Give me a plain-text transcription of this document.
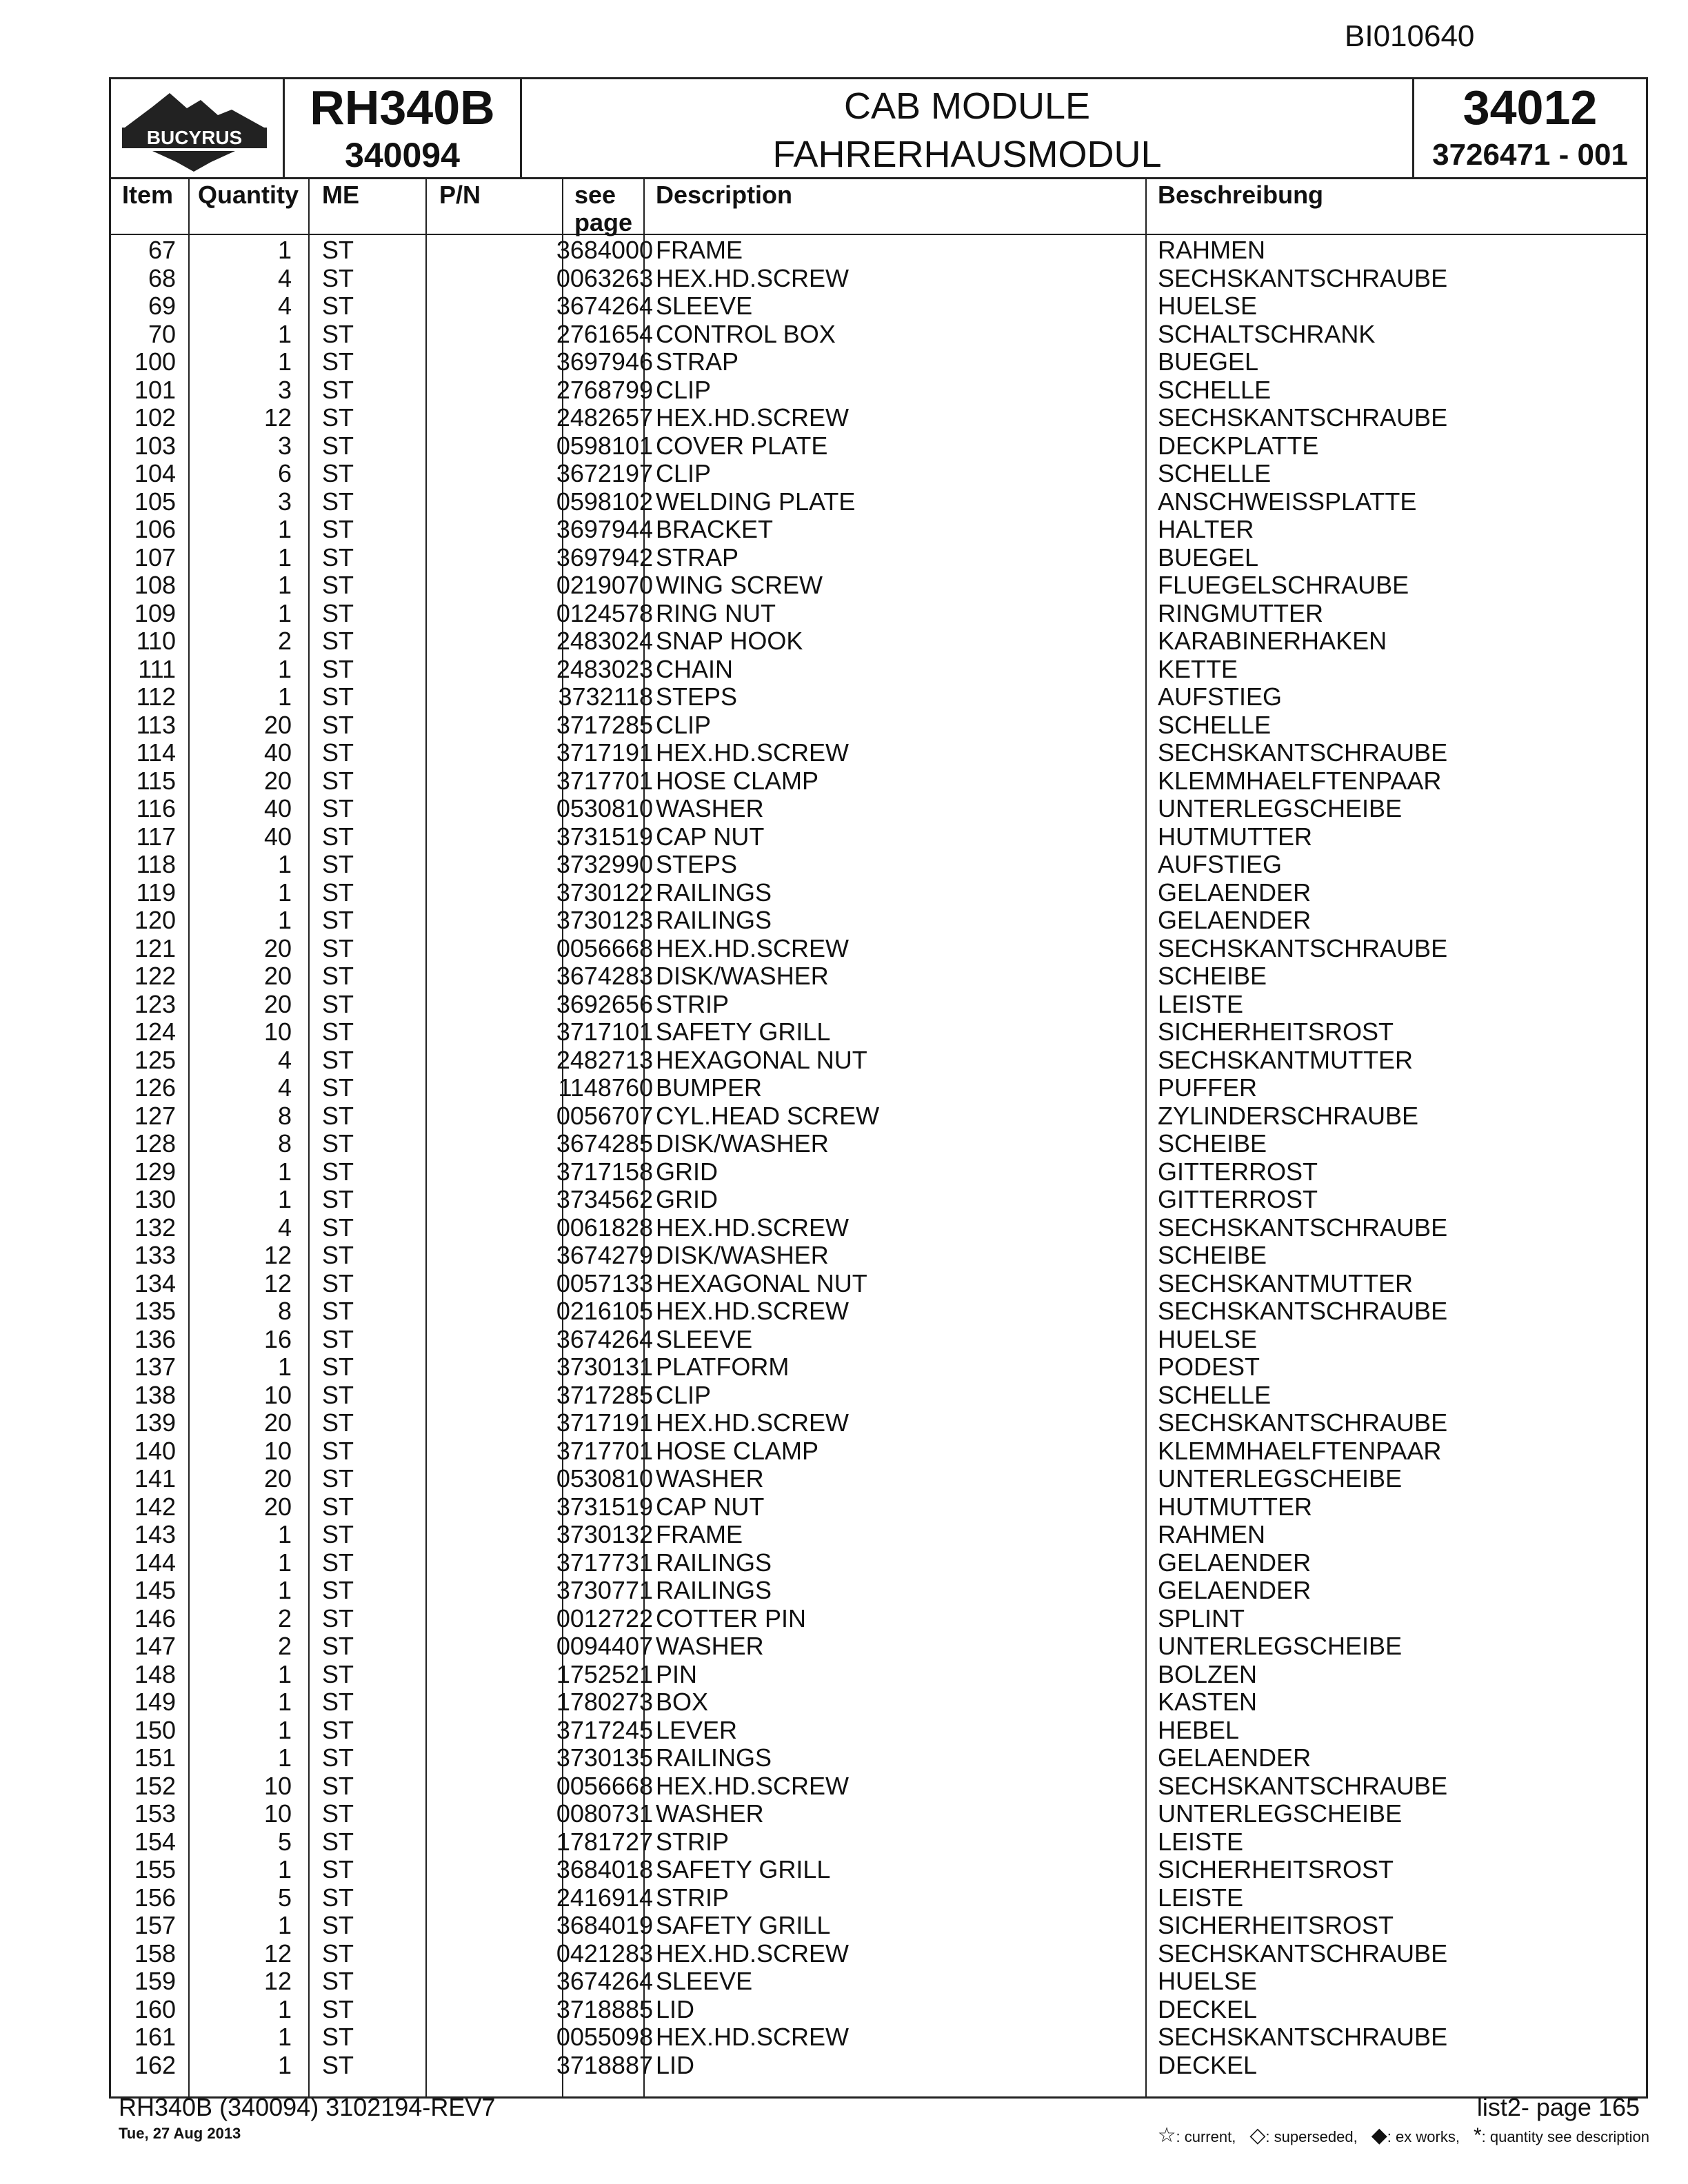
BI010640
BUCYRUS
RH340B
340094
CAB MODULE
FAHRERHAUSMODUL
34012
3726471 - 001
Item Quantity ME	P/N	see
page
Description	Beschreibung
67	1 ST	3684000 FRAME	RAHMEN
68	4 ST	0063263 HEX.HD.SCREW	SECHSKANTSCHRAUBE
69	4 ST	3674264 SLEEVE	HUELSE
70	1 ST	2761654 CONTROL BOX	SCHALTSCHRANK
100	1 ST	3697946 STRAP	BUEGEL
101	3 ST	2768799 CLIP	SCHELLE
102	12 ST	2482657 HEX.HD.SCREW	SECHSKANTSCHRAUBE
103	3 ST	0598101 COVER PLATE	DECKPLATTE
104	6 ST	3672197 CLIP	SCHELLE
105	3 ST	0598102 WELDING PLATE	ANSCHWEISSPLATTE
106	1 ST	3697944 BRACKET	HALTER
107	1 ST	3697942 STRAP	BUEGEL
108	1 ST	0219070 WING SCREW	FLUEGELSCHRAUBE
109	1 ST	0124578 RING NUT	RINGMUTTER
110	2 ST	2483024 SNAP HOOK	KARABINERHAKEN
111	1 ST	2483023 CHAIN	KETTE
112	1 ST	3732118 STEPS	AUFSTIEG
113	20 ST	3717285 CLIP	SCHELLE
114	40 ST	3717191 HEX.HD.SCREW	SECHSKANTSCHRAUBE
115	20 ST	3717701 HOSE CLAMP	KLEMMHAELFTENPAAR
116	40 ST	0530810 WASHER	UNTERLEGSCHEIBE
117	40 ST	3731519 CAP NUT	HUTMUTTER
118	1 ST	3732990 STEPS	AUFSTIEG
119	1 ST	3730122 RAILINGS	GELAENDER
120	1 ST	3730123 RAILINGS	GELAENDER
121	20 ST	0056668 HEX.HD.SCREW	SECHSKANTSCHRAUBE
122	20 ST	3674283 DISK/WASHER	SCHEIBE
123	20 ST	3692656 STRIP	LEISTE
124	10 ST	3717101 SAFETY GRILL	SICHERHEITSROST
125	4 ST	2482713 HEXAGONAL NUT	SECHSKANTMUTTER
126	4 ST	1148760 BUMPER	PUFFER
127	8 ST	0056707 CYL.HEAD SCREW	ZYLINDERSCHRAUBE
128	8 ST	3674285 DISK/WASHER	SCHEIBE
129	1 ST	3717158 GRID	GITTERROST
130	1 ST	3734562 GRID	GITTERROST
132	4 ST	0061828 HEX.HD.SCREW	SECHSKANTSCHRAUBE
133	12 ST	3674279 DISK/WASHER	SCHEIBE
134	12 ST	0057133 HEXAGONAL NUT	SECHSKANTMUTTER
135	8 ST	0216105 HEX.HD.SCREW	SECHSKANTSCHRAUBE
136	16 ST	3674264 SLEEVE	HUELSE
137	1 ST	3730131 PLATFORM	PODEST
138	10 ST	3717285 CLIP	SCHELLE
139	20 ST	3717191 HEX.HD.SCREW	SECHSKANTSCHRAUBE
140	10 ST	3717701 HOSE CLAMP	KLEMMHAELFTENPAAR
141	20 ST	0530810 WASHER	UNTERLEGSCHEIBE
142	20 ST	3731519 CAP NUT	HUTMUTTER
143	1 ST	3730132 FRAME	RAHMEN
144	1 ST	3717731 RAILINGS	GELAENDER
145	1 ST	3730771 RAILINGS	GELAENDER
146	2 ST	0012722 COTTER PIN	SPLINT
147	2 ST	0094407 WASHER	UNTERLEGSCHEIBE
148	1 ST	1752521 PIN	BOLZEN
149	1 ST	1780273 BOX	KASTEN
150	1 ST	3717245 LEVER	HEBEL
151	1 ST	3730135 RAILINGS	GELAENDER
152	10 ST	0056668 HEX.HD.SCREW	SECHSKANTSCHRAUBE
153	10 ST	0080731 WASHER	UNTERLEGSCHEIBE
154	5 ST	1781727 STRIP	LEISTE
155	1 ST	3684018 SAFETY GRILL	SICHERHEITSROST
156	5 ST	2416914 STRIP	LEISTE
157	1 ST	3684019 SAFETY GRILL	SICHERHEITSROST
158	12 ST	0421283 HEX.HD.SCREW	SECHSKANTSCHRAUBE
159	12 ST	3674264 SLEEVE	HUELSE
160	1 ST	3718885 LID	DECKEL
161	1 ST	0055098 HEX.HD.SCREW	SECHSKANTSCHRAUBE
162	1 ST	3718887 LID	DECKEL
RH340B (340094) 3102194-REV7
Tue, 27 Aug 2013
list2- page 165
☆: current, ◇: superseded, ◆: ex works, *: quantity see description
